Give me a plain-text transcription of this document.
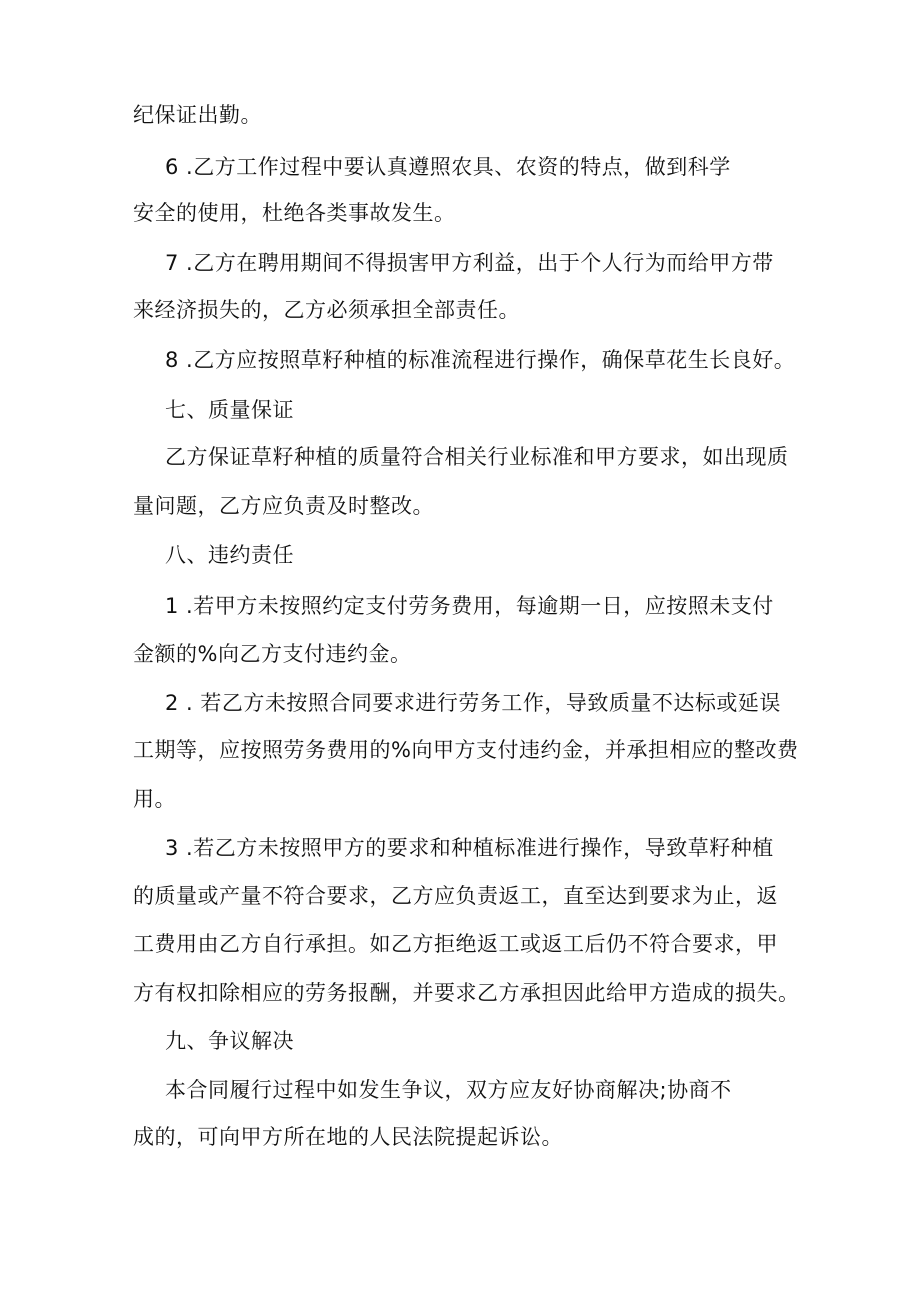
纪保证出勤。

6 .乙方工作过程中要认真遵照农具、农资的特点，做到科学

安全的使用，杜绝各类事故发生。

7 .乙方在聘用期间不得损害甲方利益，出于个人行为而给甲方带

来经济损失的，乙方必须承担全部责任。

8 .乙方应按照草籽种植的标准流程进行操作，确保草花生长良好。

七、质量保证

乙方保证草籽种植的质量符合相关行业标准和甲方要求，如出现质

量问题，乙方应负责及时整改。

八、违约责任

1 .若甲方未按照约定支付劳务费用，每逾期一日，应按照未支付

金额的%向乙方支付违约金。

2 . 若乙方未按照合同要求进行劳务工作，导致质量不达标或延误

工期等，应按照劳务费用的%向甲方支付违约金，并承担相应的整改费

用。

3 .若乙方未按照甲方的要求和种植标准进行操作，导致草籽种植

的质量或产量不符合要求，乙方应负责返工，直至达到要求为止，返

工费用由乙方自行承担。如乙方拒绝返工或返工后仍不符合要求，甲

方有权扣除相应的劳务报酬，并要求乙方承担因此给甲方造成的损失。

九、争议解决

本合同履行过程中如发生争议，双方应友好协商解决;协商不

成的，可向甲方所在地的人民法院提起诉讼。
